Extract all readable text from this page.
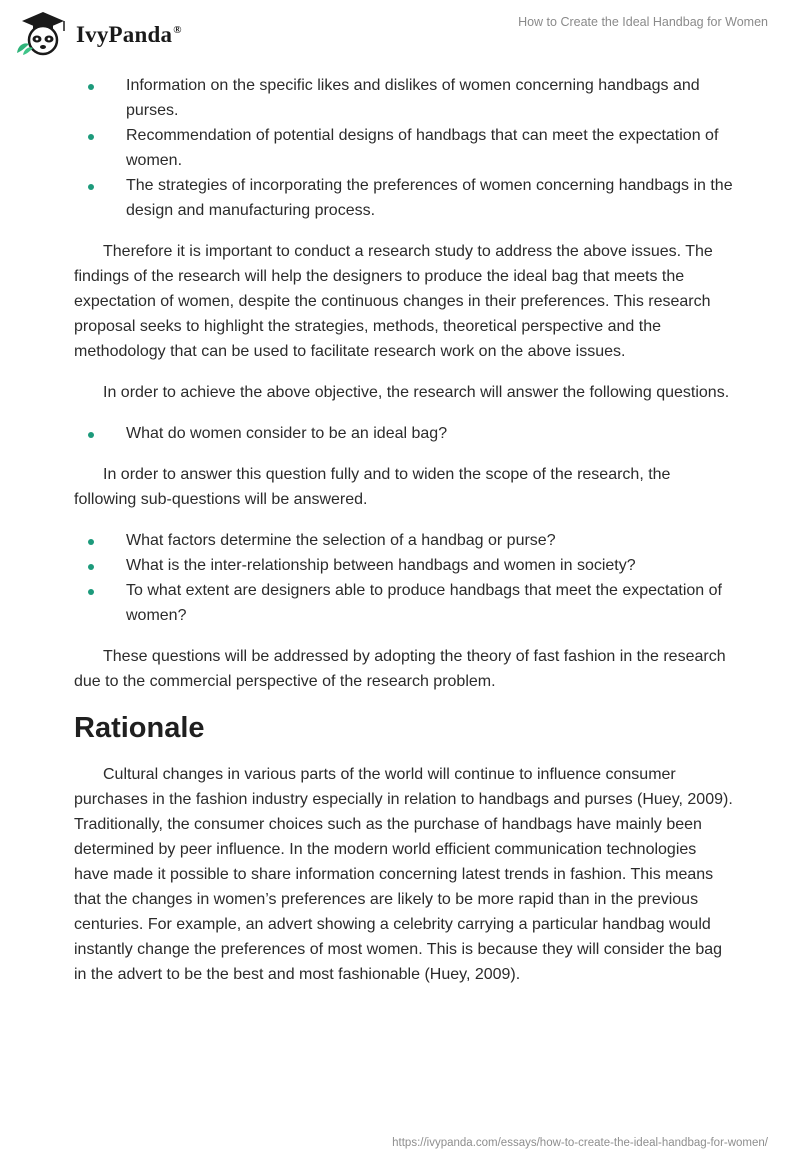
IvyPanda®
How to Create the Ideal Handbag for Women
Information on the specific likes and dislikes of women concerning handbags and purses.
Recommendation of potential designs of handbags that can meet the expectation of women.
The strategies of incorporating the preferences of women concerning handbags in the design and manufacturing process.

Therefore it is important to conduct a research study to address the above issues. The findings of the research will help the designers to produce the ideal bag that meets the expectation of women, despite the continuous changes in their preferences. This research proposal seeks to highlight the strategies, methods, theoretical perspective and the methodology that can be used to facilitate research work on the above issues.

In order to achieve the above objective, the research will answer the following questions.

What do women consider to be an ideal bag?

In order to answer this question fully and to widen the scope of the research, the following sub-questions will be answered.

What factors determine the selection of a handbag or purse?
What is the inter-relationship between handbags and women in society?
To what extent are designers able to produce handbags that meet the expectation of women?

These questions will be addressed by adopting the theory of fast fashion in the research due to the commercial perspective of the research problem.

Rationale

Cultural changes in various parts of the world will continue to influence consumer purchases in the fashion industry especially in relation to handbags and purses (Huey, 2009). Traditionally, the consumer choices such as the purchase of handbags have mainly been determined by peer influence. In the modern world efficient communication technologies have made it possible to share information concerning latest trends in fashion. This means that the changes in women’s preferences are likely to be more rapid than in the previous centuries. For example, an advert showing a celebrity carrying a particular handbag would instantly change the preferences of most women. This is because they will consider the bag in the advert to be the best and most fashionable (Huey, 2009).

https://ivypanda.com/essays/how-to-create-the-ideal-handbag-for-women/
